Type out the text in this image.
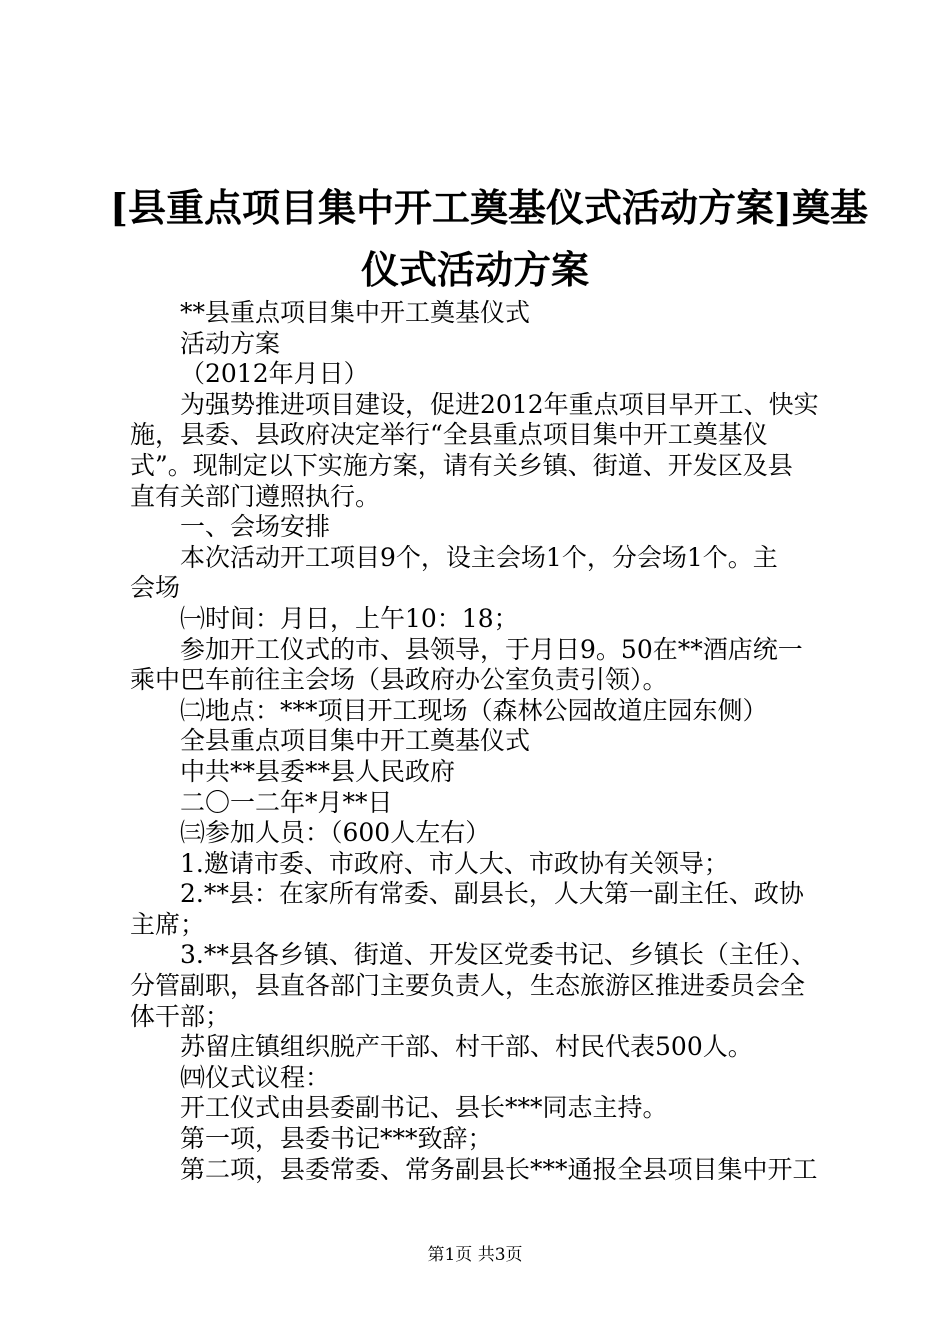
[县重点项目集中开工奠基仪式活动方案]奠基
仪式活动方案
**县重点项目集中开工奠基仪式
活动方案
（2012年月日）
为强势推进项目建设，促进2012年重点项目早开工、快实
施，县委、县政府决定举行“全县重点项目集中开工奠基仪
式”。现制定以下实施方案，请有关乡镇、街道、开发区及县
直有关部门遵照执行。
一、会场安排
本次活动开工项目9个，设主会场1个，分会场1个。主
会场
㈠时间：月日，上午10：18；
参加开工仪式的市、县领导，于月日9。50在**酒店统一
乘中巴车前往主会场（县政府办公室负责引领）。
㈡地点：***项目开工现场（森林公园故道庄园东侧）
全县重点项目集中开工奠基仪式
中共**县委**县人民政府
二〇一二年*月**日
㈢参加人员：（600人左右）
1.邀请市委、市政府、市人大、市政协有关领导；
2.**县：在家所有常委、副县长，人大第一副主任、政协
主席；
3.**县各乡镇、街道、开发区党委书记、乡镇长（主任）、
分管副职，县直各部门主要负责人，生态旅游区推进委员会全
体干部；
苏留庄镇组织脱产干部、村干部、村民代表500人。
㈣仪式议程：
开工仪式由县委副书记、县长***同志主持。
第一项，县委书记***致辞；
第二项，县委常委、常务副县长***通报全县项目集中开工
第1页 共3页
